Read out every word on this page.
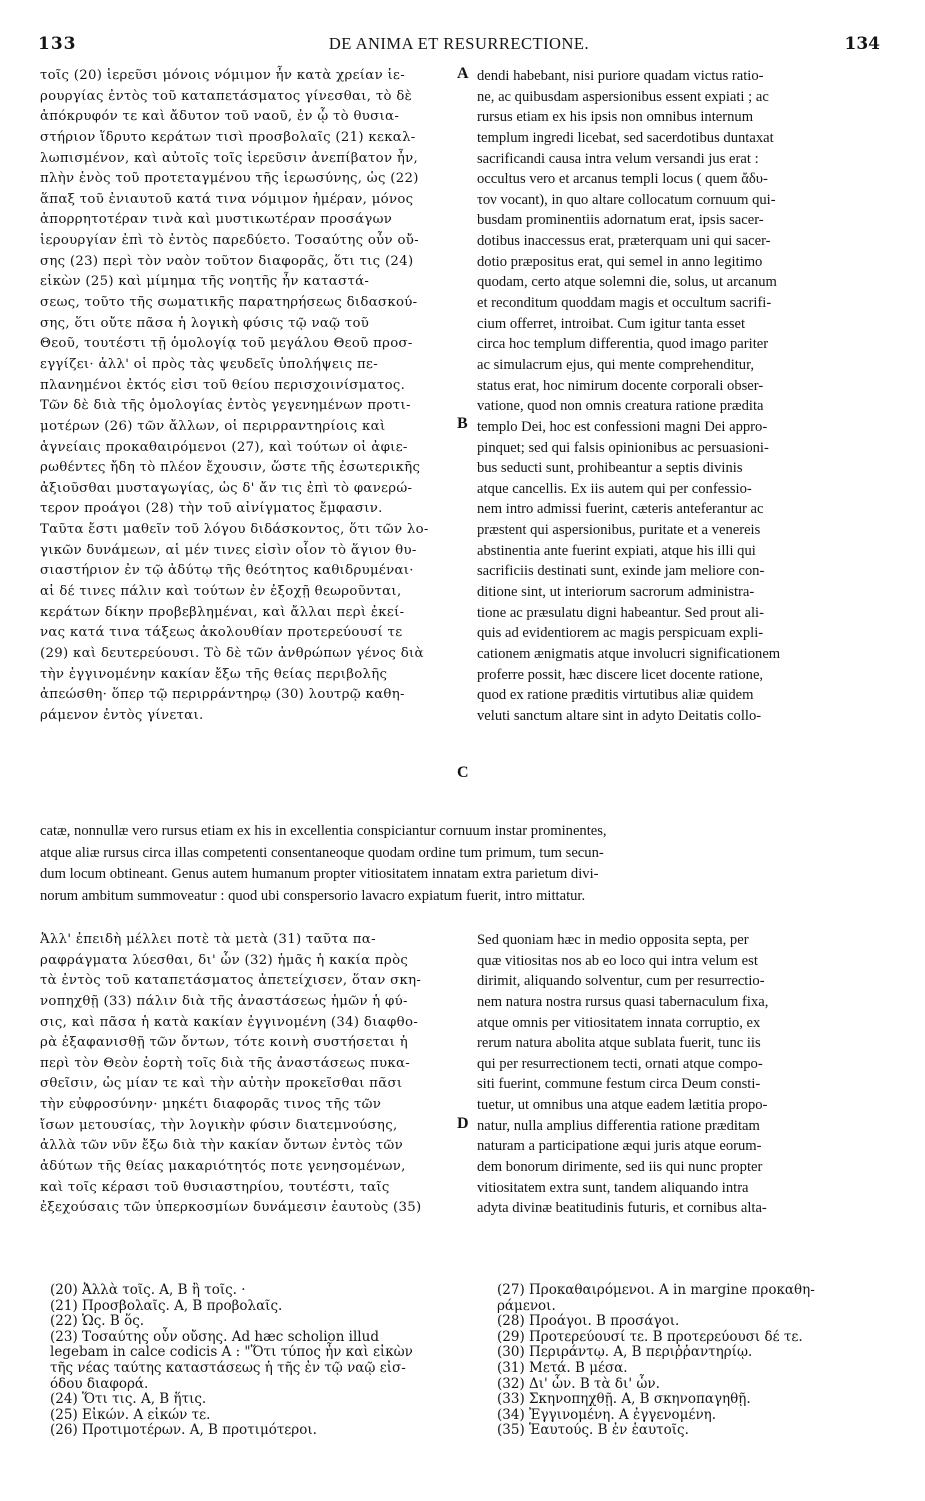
133	DE ANIMA ET RESURRECTIONE.	134
τοῖς (20) ἱερεῦσι μόνοις νόμιμον ἦν κατὰ χρείαν ἱε-
ρουργίας ἐντὸς τοῦ καταπετάσματος γίνεσθαι, τὸ δὲ
ἀπόκρυφόν τε καὶ ἄδυτον τοῦ ναοῦ, ἐν ᾧ τὸ θυσια-
στήριον ἵδρυτο κεράτων τισὶ προσβολαῖς (21) κεκαλ-
λωπισμένον, καὶ αὐτοῖς τοῖς ἱερεῦσιν ἀνεπίβατον ἦν,
πλὴν ἑνὸς τοῦ προτεταγμένου τῆς ἱερωσύνης, ὡς (22)
ἅπαξ τοῦ ἐνιαυτοῦ κατά τινα νόμιμον ἡμέραν, μόνος
ἀπορρητοτέραν τινὰ καὶ μυστικωτέραν προσάγων
ἱερουργίαν ἐπὶ τὸ ἐντὸς παρεδύετο. Τοσαύτης οὖν οὔ-
σης (23) περὶ τὸν ναὸν τοῦτον διαφορᾶς, ὅτι τις (24)
εἰκὼν (25) καὶ μίμημα τῆς νοητῆς ἦν καταστά-
σεως, τοῦτο τῆς σωματικῆς παρατηρήσεως διδασκού-
σης, ὅτι οὔτε πᾶσα ἡ λογικὴ φύσις τῷ ναῷ τοῦ
Θεοῦ, τουτέστι τῇ ὁμολογίᾳ τοῦ μεγάλου Θεοῦ προσ-
εγγίζει· ἀλλ' οἱ πρὸς τὰς ψευδεῖς ὑπολήψεις πε-
πλανημένοι ἐκτός εἰσι τοῦ θείου περισχοινίσματος.
Τῶν δὲ διὰ τῆς ὁμολογίας ἐντὸς γεγενημένων προτι-
μοτέρων (26) τῶν ἄλλων, οἱ περιρραντηρίοις καὶ
ἁγνείαις προκαθαιρόμενοι (27), καὶ τούτων οἱ ἀφιε-
ρωθέντες ἤδη τὸ πλέον ἔχουσιν, ὥστε τῆς ἐσωτερικῆς
ἀξιοῦσθαι μυσταγωγίας, ὡς δ' ἄν τις ἐπὶ τὸ φανερώ-
τερον προάγοι (28) τὴν τοῦ αἰνίγματος ἔμφασιν.
Ταῦτα ἔστι μαθεῖν τοῦ λόγου διδάσκοντος, ὅτι τῶν λο-
γικῶν δυνάμεων, αἱ μέν τινες εἰσὶν οἷον τὸ ἅγιον θυ-
σιαστήριον ἐν τῷ ἀδύτῳ τῆς θεότητος καθιδρυμέναι·
αἱ δέ τινες πάλιν καὶ τούτων ἐν ἐξοχῇ θεωροῦνται,
κεράτων δίκην προβεβλημέναι, καὶ ἄλλαι περὶ ἐκεί-
νας κατά τινα τάξεως ἀκολουθίαν προτερεύουσί τε
(29) καὶ δευτερεύουσι. Τὸ δὲ τῶν ἀνθρώπων γένος διὰ
τὴν ἐγγινομένην κακίαν ἔξω τῆς θείας περιβολῆς
ἀπεώσθη· ὅπερ τῷ περιρράντηρῳ (30) λουτρῷ καθη-
ράμενον ἐντὸς γίνεται.
dendi habebant, nisi puriore quadam victus ratio-
ne, ac quibusdam aspersionibus essent expiati ; ac
rursus etiam ex his ipsis non omnibus internum
templum ingredi licebat, sed sacerdotibus duntaxat
sacrificandi causa intra velum versandi jus erat :
occultus vero et arcanus templi locus ( quem ἄδυ-
τον vocant), in quo altare collocatum cornuum qui-
busdam prominentiis adornatum erat, ipsis sacer-
dotibus inaccessus erat, præterquam uni qui sacer-
dotio præpositus erat, qui semel in anno legitimo
quodam, certo atque solemni die, solus, ut arcanum
et reconditum quoddam magis et occultum sacrifi-
cium offerret, introibat. Cum igitur tanta esset
circa hoc templum differentia, quod imago pariter
ac simulacrum ejus, qui mente comprehenditur,
status erat, hoc nimirum docente corporali obser-
vatione, quod non omnis creatura ratione prædita
templo Dei, hoc est confessioni magni Dei appro-
pinquet; sed qui falsis opinionibus ac persuasioni-
bus seducti sunt, prohibeantur a septis divinis
atque cancellis. Ex iis autem qui per confessio-
nem intro admissi fuerint, cæteris anteferantur ac
præstent qui aspersionibus, puritate et a venereis
abstinentia ante fuerint expiati, atque his illi qui
sacrificiis destinati sunt, exinde jam meliore con-
ditione sint, ut interiorum sacrorum administra-
tione ac præsulatu digni habeantur. Sed prout ali-
quis ad evidentiorem ac magis perspicuam expli-
cationem ænigmatis atque involucri significationem
proferre possit, hæc discere licet docente ratione,
quod ex ratione præditis virtutibus aliæ quidem
veluti sanctum altare sint in adyto Deitatis collo-
catæ, nonnullæ vero rursus etiam ex his in excellentia conspiciantur cornuum instar prominentes,
atque aliæ rursus circa illas competenti consentaneoque quodam ordine tum primum, tum secun-
dum locum obtineant. Genus autem humanum propter vitiositatem innatam extra parietum divi-
norum ambitum summoveatur : quod ubi conspersorio lavacro expiatum fuerit, intro mittatur.
Ἀλλ' ἐπειδὴ μέλλει ποτὲ τὰ μετὰ (31) ταῦτα πα-
ραφράγματα λύεσθαι, δι' ὧν (32) ἡμᾶς ἡ κακία πρὸς
τὰ ἐντὸς τοῦ καταπετάσματος ἀπετείχισεν, ὅταν σκη-
νοπηχθῇ (33) πάλιν διὰ τῆς ἀναστάσεως ἡμῶν ἡ φύ-
σις, καὶ πᾶσα ἡ κατὰ κακίαν ἐγγινομένη (34) διαφθο-
ρὰ ἐξαφανισθῇ τῶν ὄντων, τότε κοινὴ συστήσεται ἡ
περὶ τὸν Θεὸν ἑορτὴ τοῖς διὰ τῆς ἀναστάσεως πυκα-
σθεῖσιν, ὡς μίαν τε καὶ τὴν αὐτὴν προκεῖσθαι πᾶσι
τὴν εὐφροσύνην· μηκέτι διαφορᾶς τινος τῆς τῶν
ἴσων μετουσίας, τὴν λογικὴν φύσιν διατεμνούσης,
ἀλλὰ τῶν νῦν ἔξω διὰ τὴν κακίαν ὄντων ἐντὸς τῶν
ἀδύτων τῆς θείας μακαριότητός ποτε γενησομένων,
καὶ τοῖς κέρασι τοῦ θυσιαστηρίου, τουτέστι, ταῖς
ἐξεχούσαις τῶν ὑπερκοσμίων δυνάμεσιν ἑαυτοὺς (35)
Sed quoniam hæc in medio opposita septa, per
quæ vitiositas nos ab eo loco qui intra velum est
dirimit, aliquando solventur, cum per resurrectio-
nem natura nostra rursus quasi tabernaculum fixa,
atque omnis per vitiositatem innata corruptio, ex
rerum natura abolita atque sublata fuerit, tunc iis
qui per resurrectionem tecti, ornati atque compo-
siti fuerint, commune festum circa Deum consti-
tuetur, ut omnibus una atque eadem lætitia propo-
natur, nulla amplius differentia ratione præditam
naturam a participatione æqui juris atque eorum-
dem bonorum dirimente, sed iis qui nunc propter
vitiositatem extra sunt, tandem aliquando intra
adyta divinæ beatitudinis futuris, et cornibus alta-
A
B
C
D
(20) Ἀλλὰ τοῖς. A, B ἢ τοῖς. ·
(21) Προσβολαῖς. A, B προβολαῖς.
(22) Ὡς. B ὅς.
(23) Τοσαύτης οὖν οὔσης. Ad hæc scholion illud
legebam in calce codicis A : "Ὅτι τύπος ἦν καὶ εἰκὼν
τῆς νέας ταύτης καταστάσεως ἡ τῆς ἐν τῷ ναῷ εἰσ-
όδου διαφορά.
(24) Ὅτι τις. A, B ἥτις.
(25) Εἰκών. A εἰκών τε.
(26) Προτιμοτέρων. A, B προτιμότεροι.
(27) Προκαθαιρόμενοι. A in margine προκαθη-
ράμενοι.
(28) Προάγοι. B προσάγοι.
(29) Προτερεύουσί τε. B προτερεύουσι δέ τε.
(30) Περιράντῳ. A, B περιῤῥαντηρίῳ.
(31) Μετά. B μέσα.
(32) Δι' ὧν. B τὰ δι' ὧν.
(33) Σκηνοπηχθῇ. A, B σκηνοπαγηθῇ.
(34) Ἐγγινομένη. A ἐγγενομένη.
(35) Ἑαυτούς. B ἐν ἑαυτοῖς.
